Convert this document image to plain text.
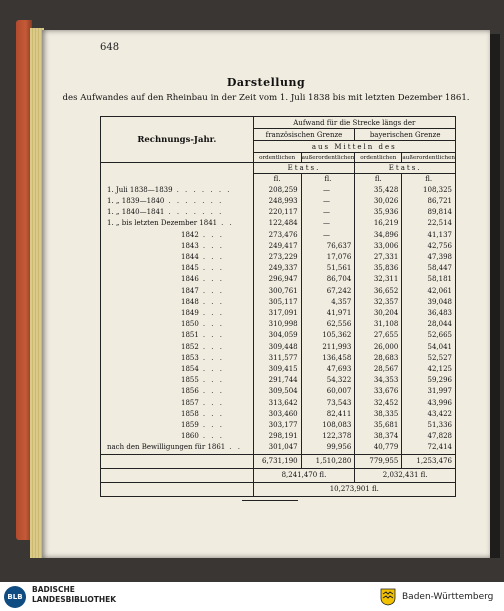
648
Darstellung
des Aufwandes auf den Rheinbau in der Zeit vom 1. Juli 1838 bis mit letzten Dezember 1861.
Rechnungs-Jahr.	Aufwand für die Strecke längs der			
	französischen Grenze		bayerischen Grenze	
	aus Mitteln des			
	ordentlichen	außerordentlichen	ordentlichen	außerordentlichen
	Etats.		Etats.	
	fl.	fl.	fl.	fl.
1. Juli 1838—1839 . . . . . . .	208,259	—	35,428	108,325
1. „ 1839—1840 . . . . . . .	248,993	—	30,026	86,721
1. „ 1840—1841 . . . . . . .	220,117	—	35,936	89,814
1. „ bis letzten Dezember 1841 . .	122,484	—	16,219	22,514
1842 . . .	273,476	—	34,896	41,137
1843 . . .	249,417	76,637	33,006	42,756
1844 . . .	273,229	17,076	27,331	47,398
1845 . . .	249,337	51,561	35,836	58,447
1846 . . .	296,947	86,704	32,311	58,181
1847 . . .	300,761	67,242	36,652	42,061
1848 . . .	305,117	4,357	32,357	39,048
1849 . . .	317,091	41,971	30,204	36,483
1850 . . .	310,998	62,556	31,108	28,044
1851 . . .	304,059	105,362	27,655	52,665
1852 . . .	309,448	211,993	26,000	54,041
1853 . . .	311,577	136,458	28,683	52,527
1854 . . .	309,415	47,693	28,567	42,125
1855 . . .	291,744	54,322	34,353	59,296
1856 . . .	309,504	60,007	33,676	31,997
1857 . . .	313,642	73,543	32,452	43,996
1858 . . .	303,460	82,411	38,335	43,422
1859 . . .	303,177	108,083	35,681	51,336
1860 . . .	298,191	122,378	38,374	47,828
nach den Bewilligungen für 1861 . .	301,047	99,956	40,779	72,414
	6,731,190	1,510,280	779,955	1,253,476
	8,241,470 fl.		2,032,431 fl.	
	10,273,901 fl.			
BLB
BADISCHE
LANDESBIBLIOTHEK	Baden-Württemberg
